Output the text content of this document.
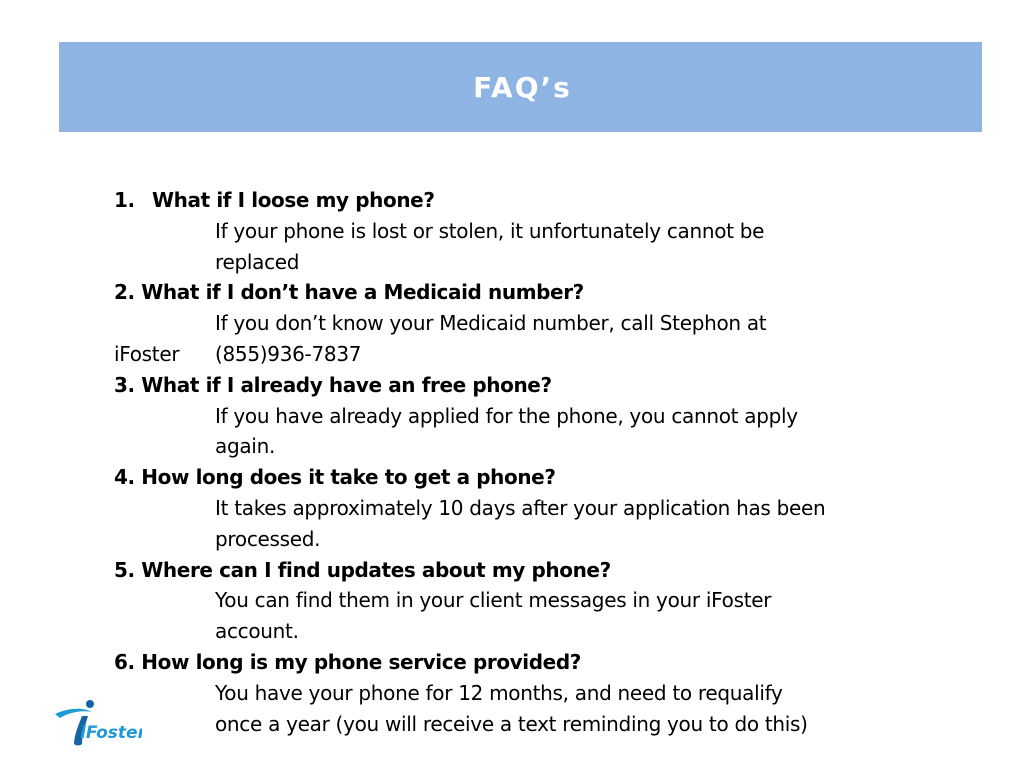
FAQ’s
1. What if I loose my phone?
If your phone is lost or stolen, it unfortunately cannot be
replaced
2. What if I don’t have a Medicaid number?
If you don’t know your Medicaid number, call Stephon at
iFoster	(855)936-7837
3. What if I already have an free phone?
If you have already applied for the phone, you cannot apply
again.
4. How long does it take to get a phone?
It takes approximately 10 days after your application has been
processed.
5. Where can I find updates about my phone?
You can find them in your client messages in your iFoster
account.
6. How long is my phone service provided?
You have your phone for 12 months, and need to requalify
once a year (you will receive a text reminding you to do this)
iFoster
